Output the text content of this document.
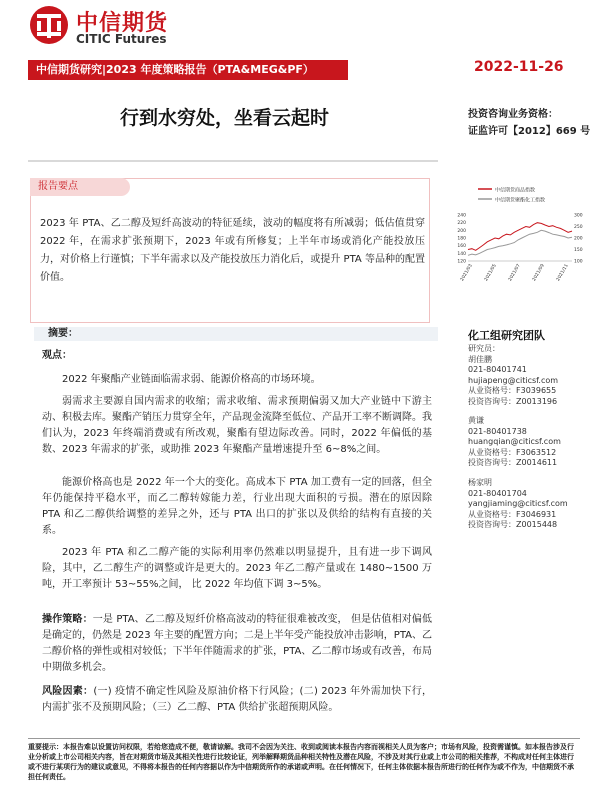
中信期货
CITIC Futures
中信期货研究|2023 年度策略报告（PTA&MEG&PF）	2022-11-26
行到水穷处，坐看云起时	投资咨询业务资格：
证监许可【2012】669 号
报告要点
2023 年 PTA、乙二醇及短纤高波动的特征延续，波动的幅度将有所减弱；低估值贯穿 2022 年，在需求扩张预期下，2023 年或有所修复；上半年市场或消化产能投放压力，对价格上行谨慎；下半年需求以及产能投放压力消化后，或提升 PTA 等品种的配置价值。
中信期货商品指数
中信期货聚酯化工指数
240
220
200
180
160
140
120
300
250
200
150
100
2021/03 2021/05 2021/07 2021/09 2021/11
摘要：
观点：
2022 年聚酯产业链面临需求弱、能源价格高的市场环境。
弱需求主要源自国内需求的收缩；需求收缩、需求预期偏弱又加大产业链中下游主动、积极去库。聚酯产销压力贯穿全年，产品现金流降至低位、产品开工率不断调降。我们认为，2023 年终端消费或有所改观，聚酯有望边际改善。同时，2022 年偏低的基数、2023 年需求的扩张，或助推 2023 年聚酯产量增速提升至 6~8%之间。
能源价格高也是 2022 年一个大的变化。高成本下 PTA 加工费有一定的回落，但全年仍能保持平稳水平，而乙二醇转嫁能力差，行业出现大面积的亏损。潜在的原因除 PTA 和乙二醇供给调整的差异之外，还与 PTA 出口的扩张以及供给的结构有直接的关系。
2023 年 PTA 和乙二醇产能的实际利用率仍然难以明显提升，且有进一步下调风险，其中，乙二醇生产的调整或许是更大的。2023 年乙二醇产量或在 1480~1500 万吨，开工率预计 53~55%之间， 比 2022 年均值下调 3~5%。
操作策略：一是 PTA、乙二醇及短纤价格高波动的特征很难被改变， 但是估值相对偏低是确定的，仍然是 2023 年主要的配置方向；二是上半年受产能投放冲击影响，PTA、乙二醇价格的弹性或相对较低；下半年伴随需求的扩张，PTA、乙二醇市场或有改善，布局中期做多机会。
风险因素：(一) 疫情不确定性风险及原油价格下行风险；(二) 2023 年外需加快下行，内需扩张不及预期风险；（三）乙二醇、PTA 供给扩张超预期风险。
化工组研究团队
研究员：
胡佳鹏
021-80401741
hujiapeng@citicsf.com
从业资格号：F3039655
投资咨询号：Z0013196
黄谦
021-80401738
huangqian@citicsf.com
从业资格号：F3063512
投资咨询号：Z0014611
杨家明
021-80401704
yangjiaming@citicsf.com
从业资格号：F3046931
投资咨询号：Z0015448
重要提示：本报告难以设置访问权限，若给您造成不便，敬请谅解。我司不会因为关注、收到或阅读本报告内容而视相关人员为客户；市场有风险，投资需谨慎。如本报告涉及行业分析或上市公司相关内容，旨在对期货市场及其相关性进行比较论证，列举解释期货品种相关特性及潜在风险，不涉及对其行业或上市公司的相关推荐，不构成对任何主体进行或不进行某项行为的建议或意见，不得将本报告的任何内容据以作为中信期货所作的承诺或声明。在任何情况下，任何主体依据本报告所进行的任何作为或不作为，中信期货不承担任何责任。
